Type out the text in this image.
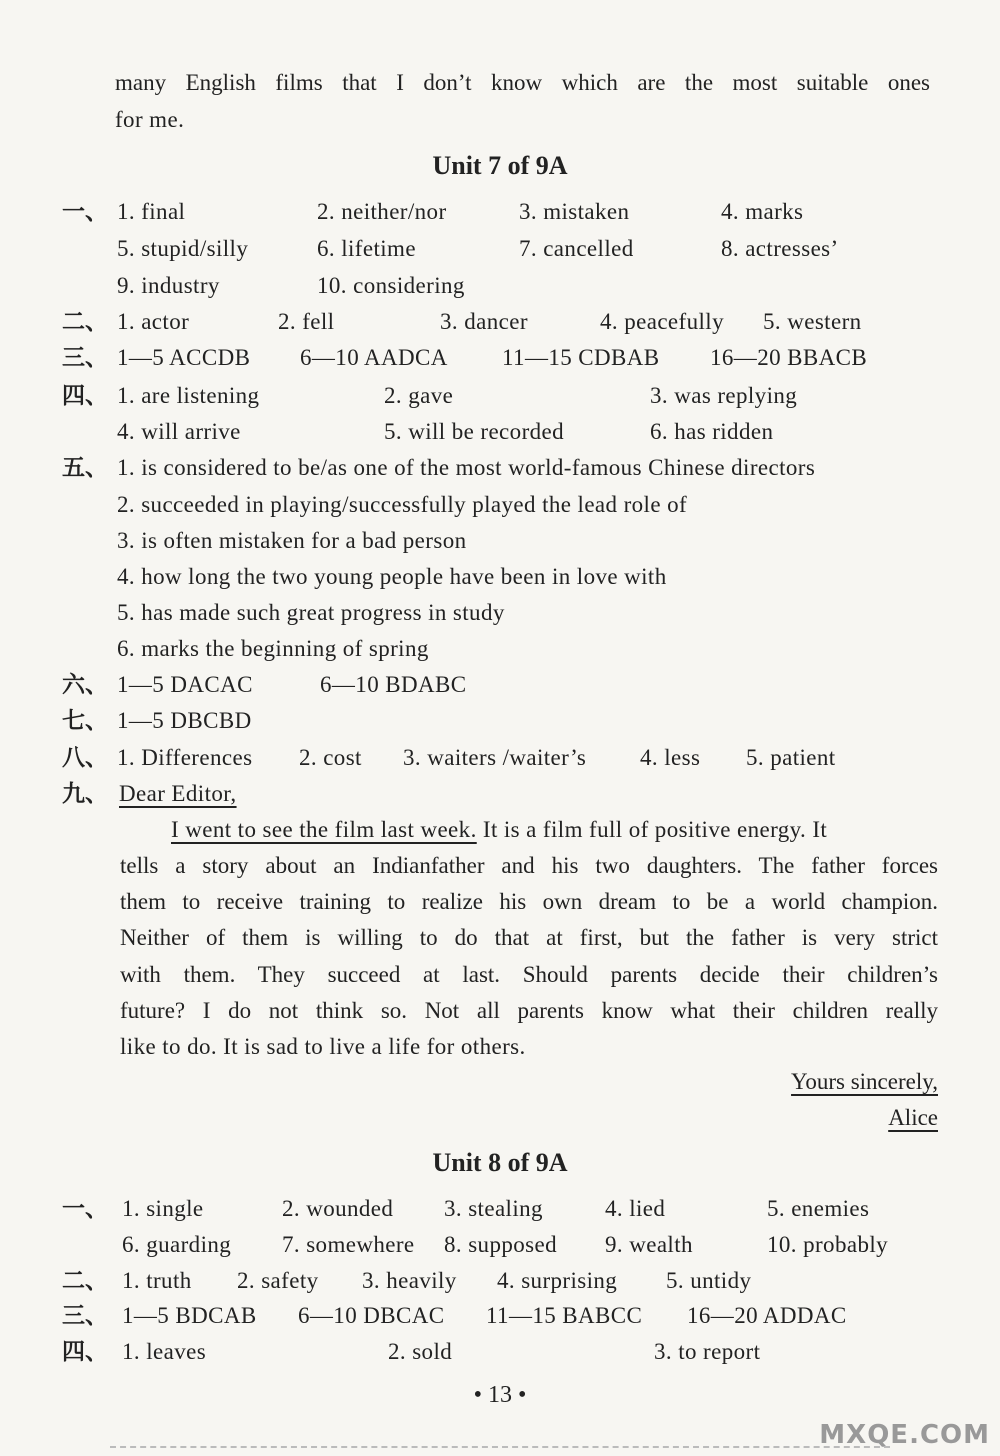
many English films that I don’t know which are the most suitable ones
for me.
Unit 7 of 9A
一、 1. final	2. neither/nor	3. mistaken	4. marks
5. stupid/silly	6. lifetime	7. cancelled	8. actresses’
9. industry	10. considering
二、 1. actor	2. fell	3. dancer	4. peacefully 5. western
三、 1—5 ACCDB 6—10 AADCA 11—15 CDBAB 16—20 BBACB
四、 1. are listening	2. gave	3. was replying
4. will arrive	5. will be recorded	6. has ridden
五、 1. is considered to be/as one of the most world-famous Chinese directors
2. succeeded in playing/successfully played the lead role of
3. is often mistaken for a bad person
4. how long the two young people have been in love with
5. has made such great progress in study
6. marks the beginning of spring
六、 1—5 DACAC	6—10 BDABC
七、 1—5 DBCBD
八、 1. Differences 2. cost 3. waiters /waiter’s 4. less 5. patient
九、 Dear Editor,
I went to see the film last week. It is a film full of positive energy. It
tells a story about an Indianfather and his two daughters. The father forces
them to receive training to realize his own dream to be a world champion.
Neither of them is willing to do that at first, but the father is very strict
with them. They succeed at last. Should parents decide their children’s
future? I do not think so. Not all parents know what their children really
like to do. It is sad to live a life for others.
Yours sincerely,
Alice
Unit 8 of 9A
一、 1. single	2. wounded 3. stealing	4. lied	5. enemies
6. guarding 7. somewhere 8. supposed 9. wealth	10. probably
二、 1. truth 2. safety 3. heavily 4. surprising 5. untidy
三、 1—5 BDCAB 6—10 DBCAC 11—15 BABCC 16—20 ADDAC
四、 1. leaves	2. sold	3. to report
• 13 •
MXQE.COM
